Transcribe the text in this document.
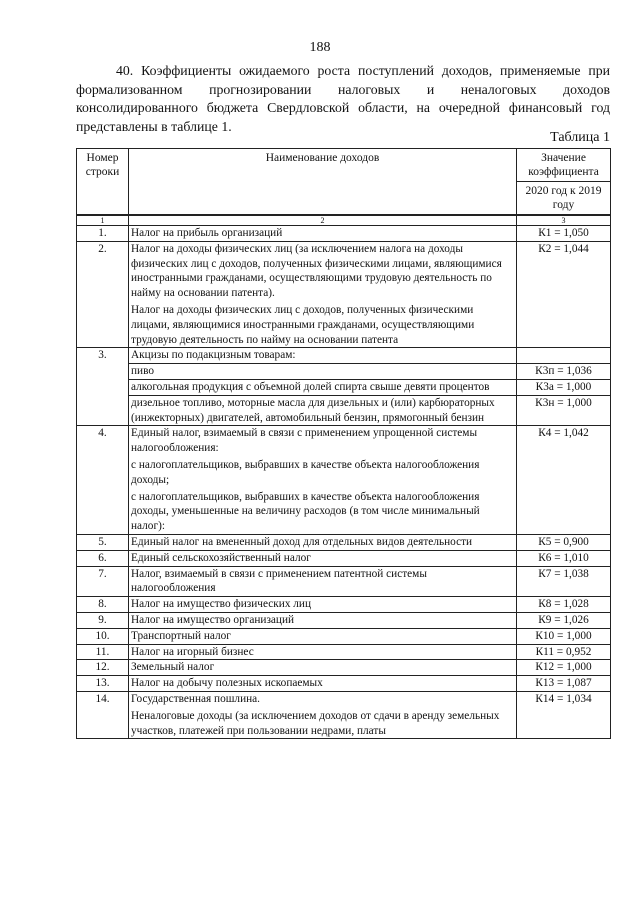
188

40. Коэффициенты ожидаемого роста поступлений доходов, применяемые при формализованном прогнозировании налоговых и неналоговых доходов консолидированного бюджета Свердловской области, на очередной финансовый год представлены в таблице 1.

Таблица 1
Номер строки	Наименование доходов	Значение коэффициента
		2020 год к 2019 году
1	2	3
1.	Налог на прибыль организаций	К1 = 1,050
2.	Налог на доходы физических лиц (за исключением налога на доходы физических лиц с доходов, полученных физическими лицами, являющимися иностранными гражданами, осуществляющими трудовую деятельность по найму на основании патента).

Налог на доходы физических лиц с доходов, полученных физическими лицами, являющимися иностранными гражданами, осуществляющими трудовую деятельность по найму на основании патента	К2 = 1,044
3.	Акцизы по подакцизным товарам:	
	пиво	К3п = 1,036
	алкогольная продукция с объемной долей спирта свыше девяти процентов	К3а = 1,000
	дизельное топливо, моторные масла для дизельных и (или) карбюраторных (инжекторных) двигателей, автомобильный бензин, прямогонный бензин	К3н = 1,000
4.	Единый налог, взимаемый в связи с применением упрощенной системы налогообложения:

с налогоплательщиков, выбравших в качестве объекта налогообложения доходы;

с налогоплательщиков, выбравших в качестве объекта налогообложения доходы, уменьшенные на величину расходов (в том числе минимальный налог):	К4 = 1,042
5.	Единый налог на вмененный доход для отдельных видов деятельности	К5 = 0,900
6.	Единый сельскохозяйственный налог	К6 = 1,010
7.	Налог, взимаемый в связи с применением патентной системы налогообложения	К7 = 1,038
8.	Налог на имущество физических лиц	К8 = 1,028
9.	Налог на имущество организаций	К9 = 1,026
10.	Транспортный налог	К10 = 1,000
11.	Налог на игорный бизнес	К11 = 0,952
12.	Земельный налог	К12 = 1,000
13.	Налог на добычу полезных ископаемых	К13 = 1,087
14.	Государственная пошлина.

Неналоговые доходы (за исключением доходов от сдачи в аренду земельных участков, платежей при пользовании недрами, платы	К14 = 1,034
